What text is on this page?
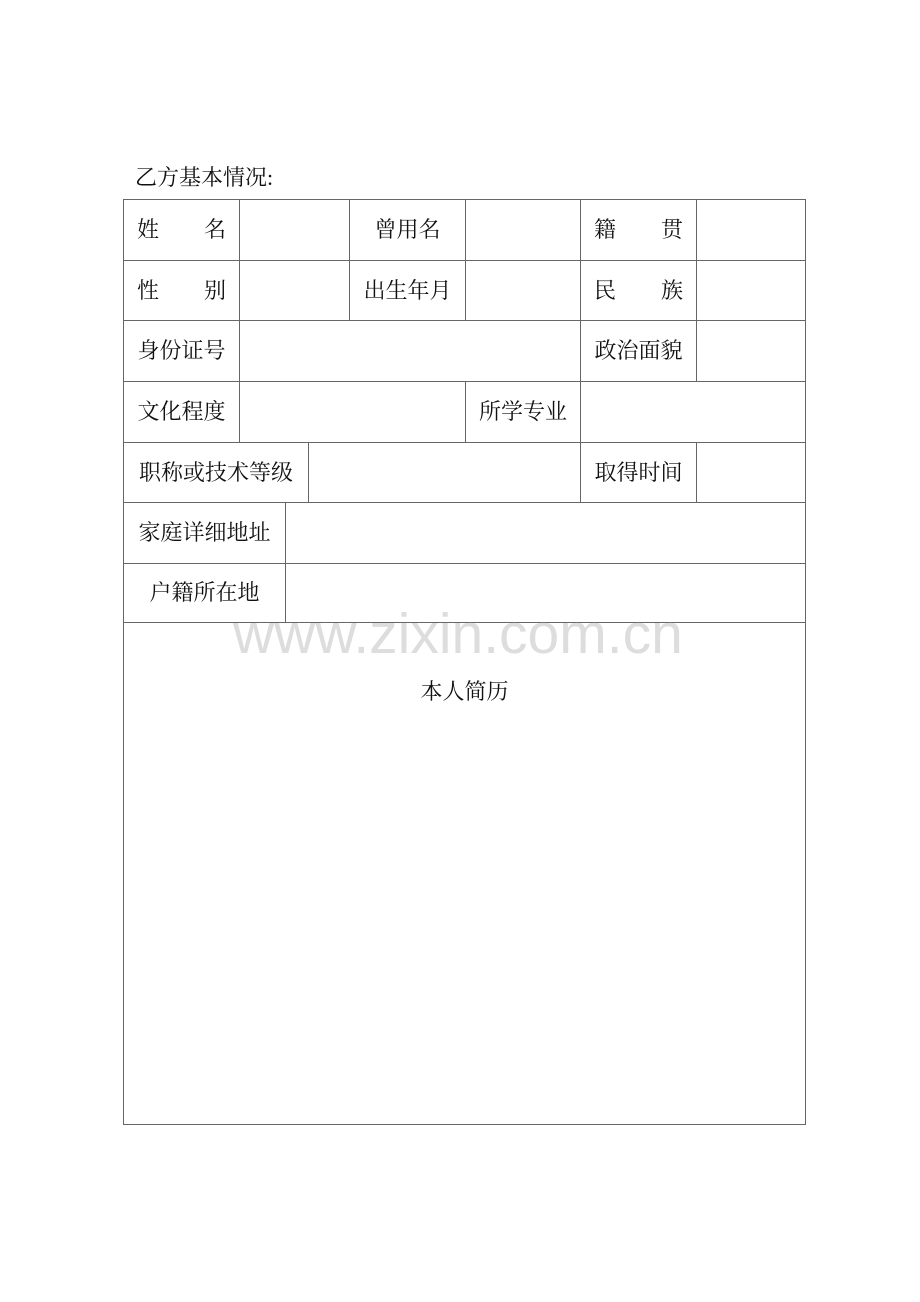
乙方基本情况:
姓 名	曾用名	籍 贯
性 别	出生年月	民 族
身份证号	政治面貌
文化程度	所学专业
职称或技术等级	取得时间
家庭详细地址
户籍所在地
本人简历
www.zixin.com.cn
